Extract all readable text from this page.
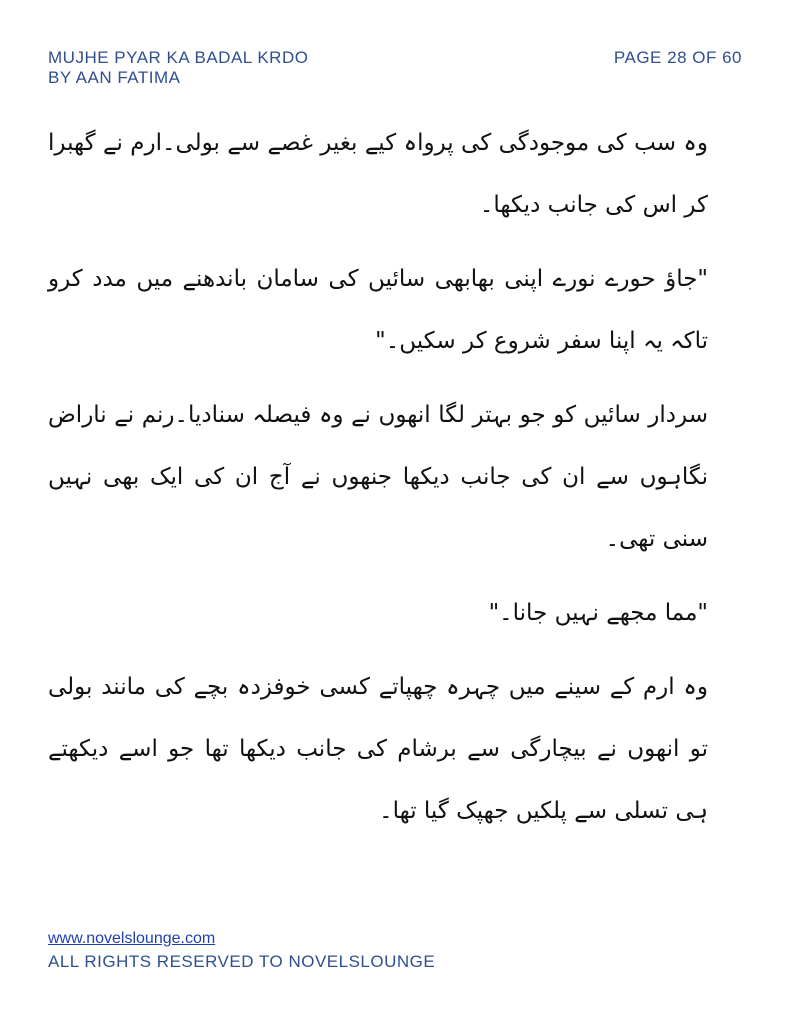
MUJHE PYAR KA BADAL KRDO
BY AAN FATIMA
PAGE 28 OF 60

وہ سب کی موجودگی کی پرواہ کیے بغیر غصے سے بولی۔ارم نے گھبرا کر اس کی جانب دیکھا۔

"جاؤ حورے نورے اپنی بھابھی سائیں کی سامان باندھنے میں مدد کرو تاکہ یہ اپنا سفر شروع کر سکیں۔"

سردار سائیں کو جو بہتر لگا انھوں نے وہ فیصلہ سنادیا۔رنم نے ناراض نگاہوں سے ان کی جانب دیکھا جنھوں نے آج ان کی ایک بھی نہیں سنی تھی۔

"مما مجھے نہیں جانا۔"

وہ ارم کے سینے میں چہرہ چھپاتے کسی خوفزدہ بچے کی مانند بولی تو انھوں نے بیچارگی سے برشام کی جانب دیکھا تھا جو اسے دیکھتے ہی تسلی سے پلکیں جھپک گیا تھا۔

www.novelslounge.com
ALL RIGHTS RESERVED TO NOVELSLOUNGE
